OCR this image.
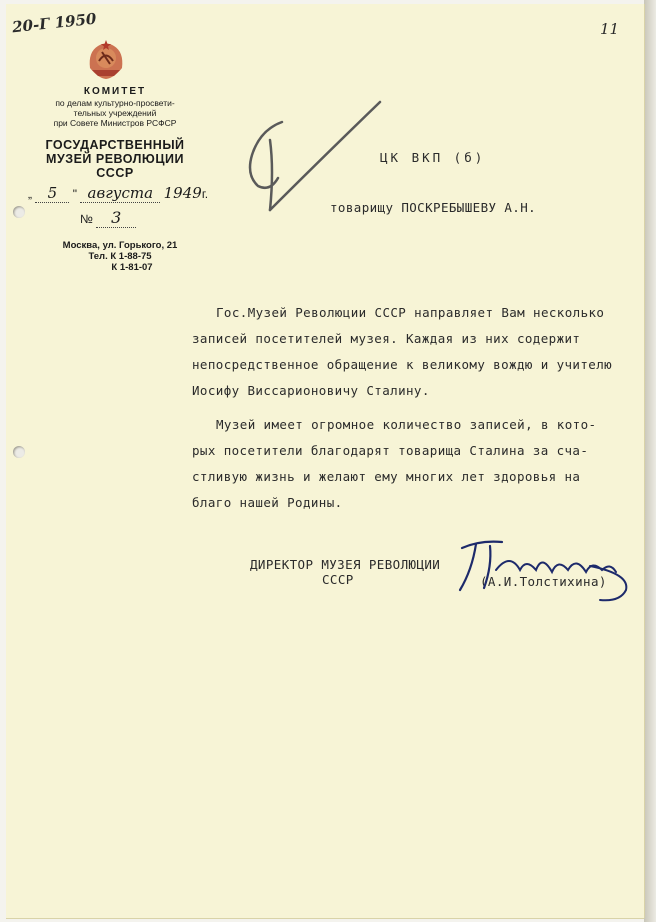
20-Г 1950	11
КОМИТЕТ
по делам культурно-просвети-
тельных учреждений
при Совете Министров РСФСР
ГОСУДАРСТВЕННЫЙ
МУЗЕЙ РЕВОЛЮЦИИ
СССР
„ 5 " августа 1949г.
№ 3
Москва, ул. Горького, 21
Тел. К 1-88-75
К 1-81-07
ЦК ВКП (б)
товарищу ПОСКРЕБЫШЕВУ А.Н.
Гос.Музей Революции СССР направляет Вам несколько
записей посетителей музея. Каждая из них содержит
непосредственное обращение к великому вождю и учителю
Иосифу Виссарионовичу Сталину.
Музей имеет огромное количество записей, в кото-
рых посетители благодарят товарища Сталина за сча-
стливую жизнь и желают ему многих лет здоровья на
благо нашей Родины.
ДИРЕКТОР МУЗЕЯ РЕВОЛЮЦИИ
СССР	(А.И.Толстихина)
